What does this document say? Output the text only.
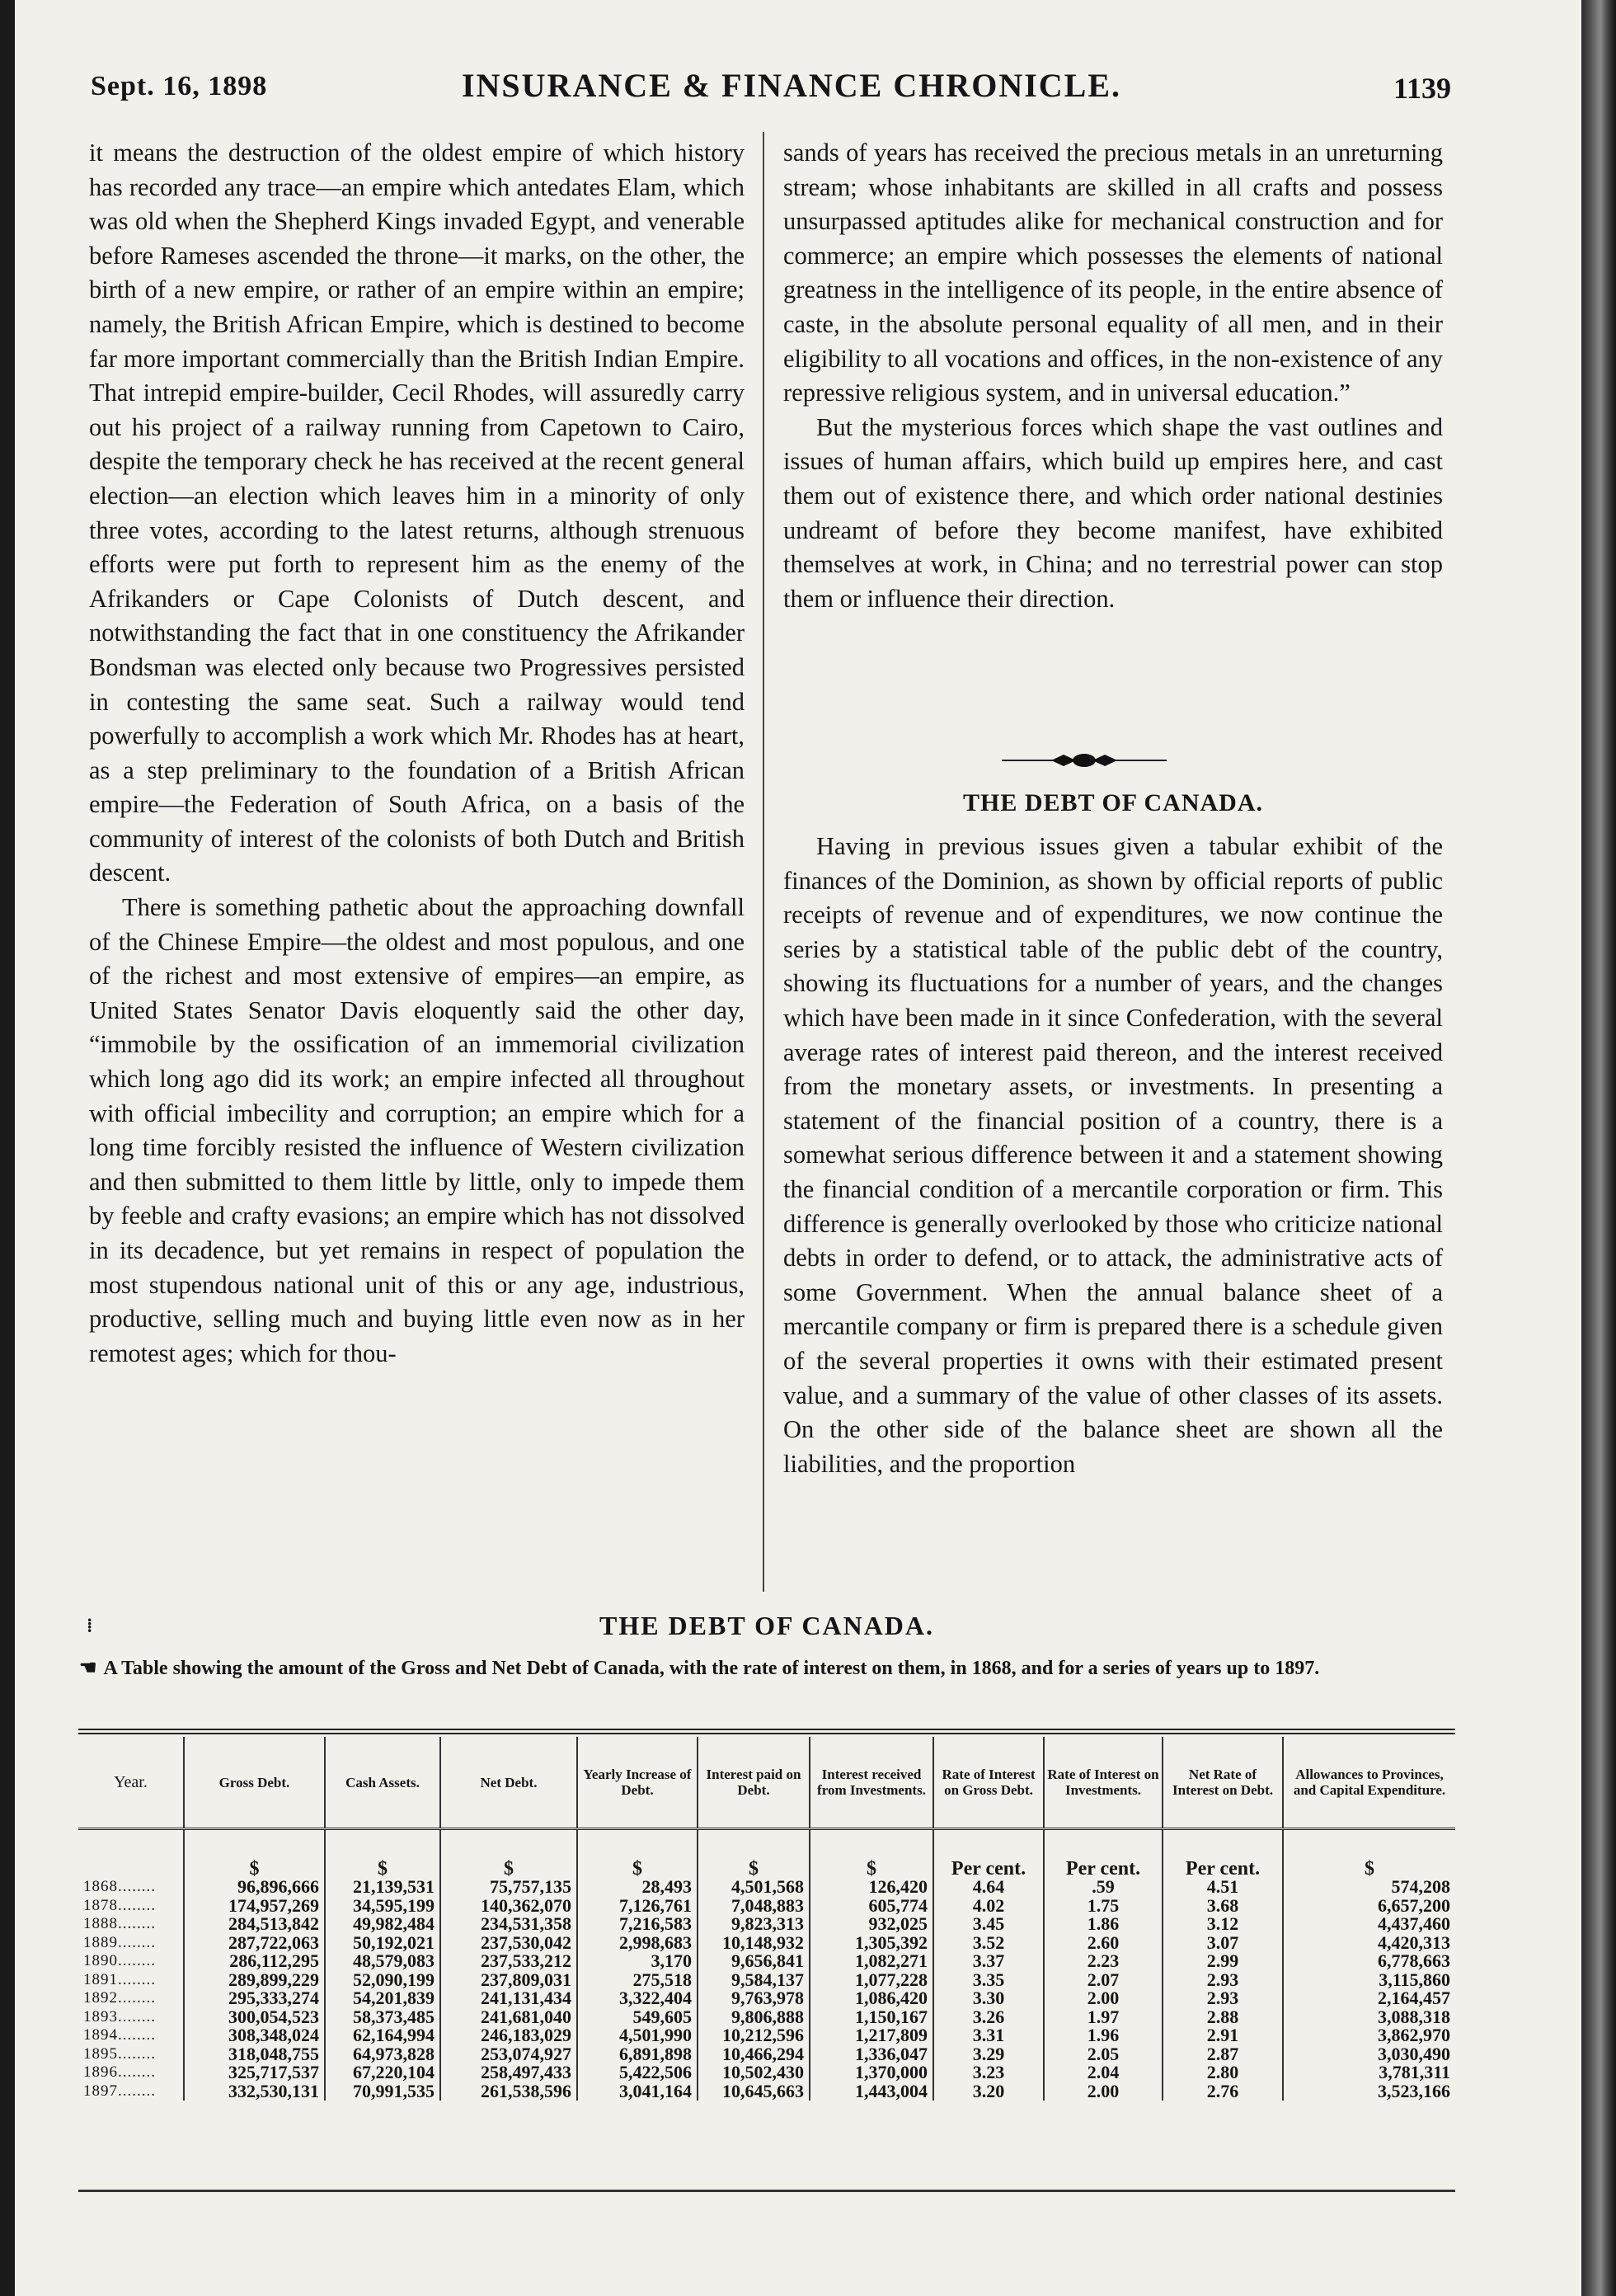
Sept. 16, 1898	INSURANCE & FINANCE CHRONICLE.	1139

it means the destruction of the oldest empire of which history has recorded any trace—an empire which antedates Elam, which was old when the Shepherd Kings invaded Egypt, and venerable before Rameses ascended the throne—it marks, on the other, the birth of a new empire, or rather of an empire within an empire; namely, the British African Empire, which is destined to become far more important commercially than the British Indian Empire. That intrepid empire-builder, Cecil Rhodes, will assuredly carry out his project of a railway running from Capetown to Cairo, despite the temporary check he has received at the recent general election—an election which leaves him in a minority of only three votes, according to the latest returns, although strenuous efforts were put forth to represent him as the enemy of the Afrikanders or Cape Colonists of Dutch descent, and notwithstanding the fact that in one constituency the Afrikander Bondsman was elected only because two Progressives persisted in contesting the same seat. Such a railway would tend powerfully to accomplish a work which Mr. Rhodes has at heart, as a step preliminary to the foundation of a British African empire—the Federation of South Africa, on a basis of the community of interest of the colonists of both Dutch and British descent.

There is something pathetic about the approaching downfall of the Chinese Empire—the oldest and most populous, and one of the richest and most extensive of empires—an empire, as United States Senator Davis eloquently said the other day, “immobile by the ossification of an immemorial civilization which long ago did its work; an empire infected all throughout with official imbecility and corruption; an empire which for a long time forcibly resisted the influence of Western civilization and then submitted to them little by little, only to impede them by feeble and crafty evasions; an empire which has not dissolved in its decadence, but yet remains in respect of population the most stupendous national unit of this or any age, industrious, productive, selling much and buying little even now as in her remotest ages; which for thou-

sands of years has received the precious metals in an unreturning stream; whose inhabitants are skilled in all crafts and possess unsurpassed aptitudes alike for mechanical construction and for commerce; an empire which possesses the elements of national greatness in the intelligence of its people, in the entire absence of caste, in the absolute personal equality of all men, and in their eligibility to all vocations and offices, in the non-existence of any repressive religious system, and in universal education.”

But the mysterious forces which shape the vast outlines and issues of human affairs, which build up empires here, and cast them out of existence there, and which order national destinies undreamt of before they become manifest, have exhibited themselves at work, in China; and no terrestrial power can stop them or influence their direction.

THE DEBT OF CANADA.

Having in previous issues given a tabular exhibit of the finances of the Dominion, as shown by official reports of public receipts of revenue and of expenditures, we now continue the series by a statistical table of the public debt of the country, showing its fluctuations for a number of years, and the changes which have been made in it since Confederation, with the several average rates of interest paid thereon, and the interest received from the monetary assets, or investments. In presenting a statement of the financial position of a country, there is a somewhat serious difference between it and a statement showing the financial condition of a mercantile corporation or firm. This difference is generally overlooked by those who criticize national debts in order to defend, or to attack, the administrative acts of some Government. When the annual balance sheet of a mercantile company or firm is prepared there is a schedule given of the several properties it owns with their estimated present value, and a summary of the value of other classes of its assets. On the other side of the balance sheet are shown all the liabilities, and the proportion

⁞	THE DEBT OF CANADA.
☚ A Table showing the amount of the Gross and Net Debt of Canada, with the rate of interest on them, in 1868, and for a series of years up to 1897.
Year.	Gross Debt.	Cash Assets.	Net Debt.	Yearly Increase of Debt.	Interest paid on Debt.	Interest received from Investments.	Rate of Interest on Gross Debt.	Rate of Interest on Investments.	Net Rate of Interest on Debt.	Allowances to Provinces, and Capital Expenditure.
	$	$	$	$	$	$	Per cent.	Per cent.	Per cent.	$
1868........	96,896,666	21,139,531	75,757,135	28,493	4,501,568	126,420	4.64	.59	4.51	574,208
1878........	174,957,269	34,595,199	140,362,070	7,126,761	7,048,883	605,774	4.02	1.75	3.68	6,657,200
1888........	284,513,842	49,982,484	234,531,358	7,216,583	9,823,313	932,025	3.45	1.86	3.12	4,437,460
1889........	287,722,063	50,192,021	237,530,042	2,998,683	10,148,932	1,305,392	3.52	2.60	3.07	4,420,313
1890........	286,112,295	48,579,083	237,533,212	3,170	9,656,841	1,082,271	3.37	2.23	2.99	6,778,663
1891........	289,899,229	52,090,199	237,809,031	275,518	9,584,137	1,077,228	3.35	2.07	2.93	3,115,860
1892........	295,333,274	54,201,839	241,131,434	3,322,404	9,763,978	1,086,420	3.30	2.00	2.93	2,164,457
1893........	300,054,523	58,373,485	241,681,040	549,605	9,806,888	1,150,167	3.26	1.97	2.88	3,088,318
1894........	308,348,024	62,164,994	246,183,029	4,501,990	10,212,596	1,217,809	3.31	1.96	2.91	3,862,970
1895........	318,048,755	64,973,828	253,074,927	6,891,898	10,466,294	1,336,047	3.29	2.05	2.87	3,030,490
1896........	325,717,537	67,220,104	258,497,433	5,422,506	10,502,430	1,370,000	3.23	2.04	2.80	3,781,311
1897........	332,530,131	70,991,535	261,538,596	3,041,164	10,645,663	1,443,004	3.20	2.00	2.76	3,523,166
